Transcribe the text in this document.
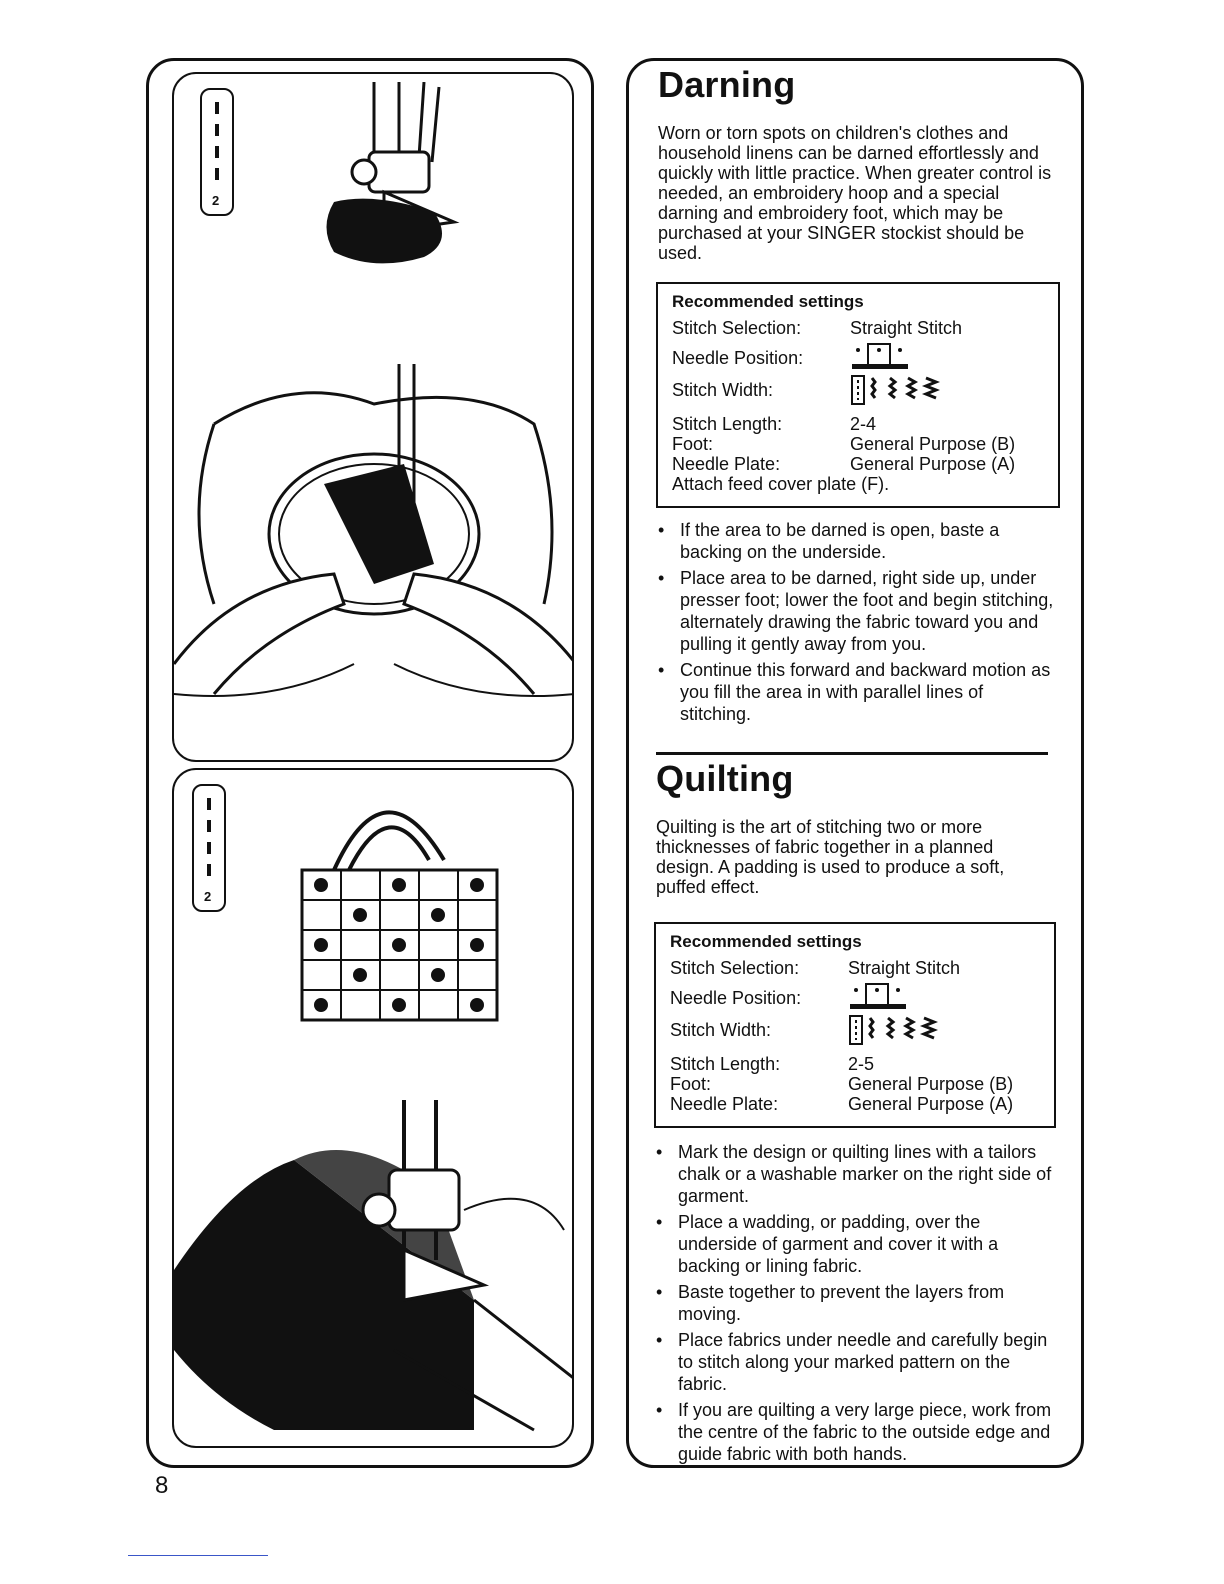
2
2
Darning

Worn or torn spots on children's clothes and household linens can be darned effortlessly and quickly with little practice. When greater control is needed, an embroidery hoop and a special darning and embroidery foot, which may be purchased at your SINGER stockist should be used.

Recommended settings
Stitch Selection:	Straight Stitch
Needle Position:
Stitch Width:
Stitch Length:	2-4
Foot:	General Purpose (B)
Needle Plate:	General Purpose (A)
Attach feed cover plate (F).
• If the area to be darned is open, baste a backing on the underside.
• Place area to be darned, right side up, under presser foot; lower the foot and begin stitching, alternately drawing the fabric toward you and pulling it gently away from you.
• Continue this forward and backward motion as you fill the area in with parallel lines of stitching.
Quilting

Quilting is the art of stitching two or more thicknesses of fabric together in a planned design. A padding is used to produce a soft, puffed effect.

Recommended settings
Stitch Selection:	Straight Stitch
Needle Position:
Stitch Width:
Stitch Length:	2-5
Foot:	General Purpose (B)
Needle Plate:	General Purpose (A)
• Mark the design or quilting lines with a tailors chalk or a washable marker on the right side of garment.
• Place a wadding, or padding, over the underside of garment and cover it with a backing or lining fabric.
• Baste together to prevent the layers from moving.
• Place fabrics under needle and carefully begin to stitch along your marked pattern on the fabric.
• If you are quilting a very large piece, work from the centre of the fabric to the outside edge and guide fabric with both hands.
8
